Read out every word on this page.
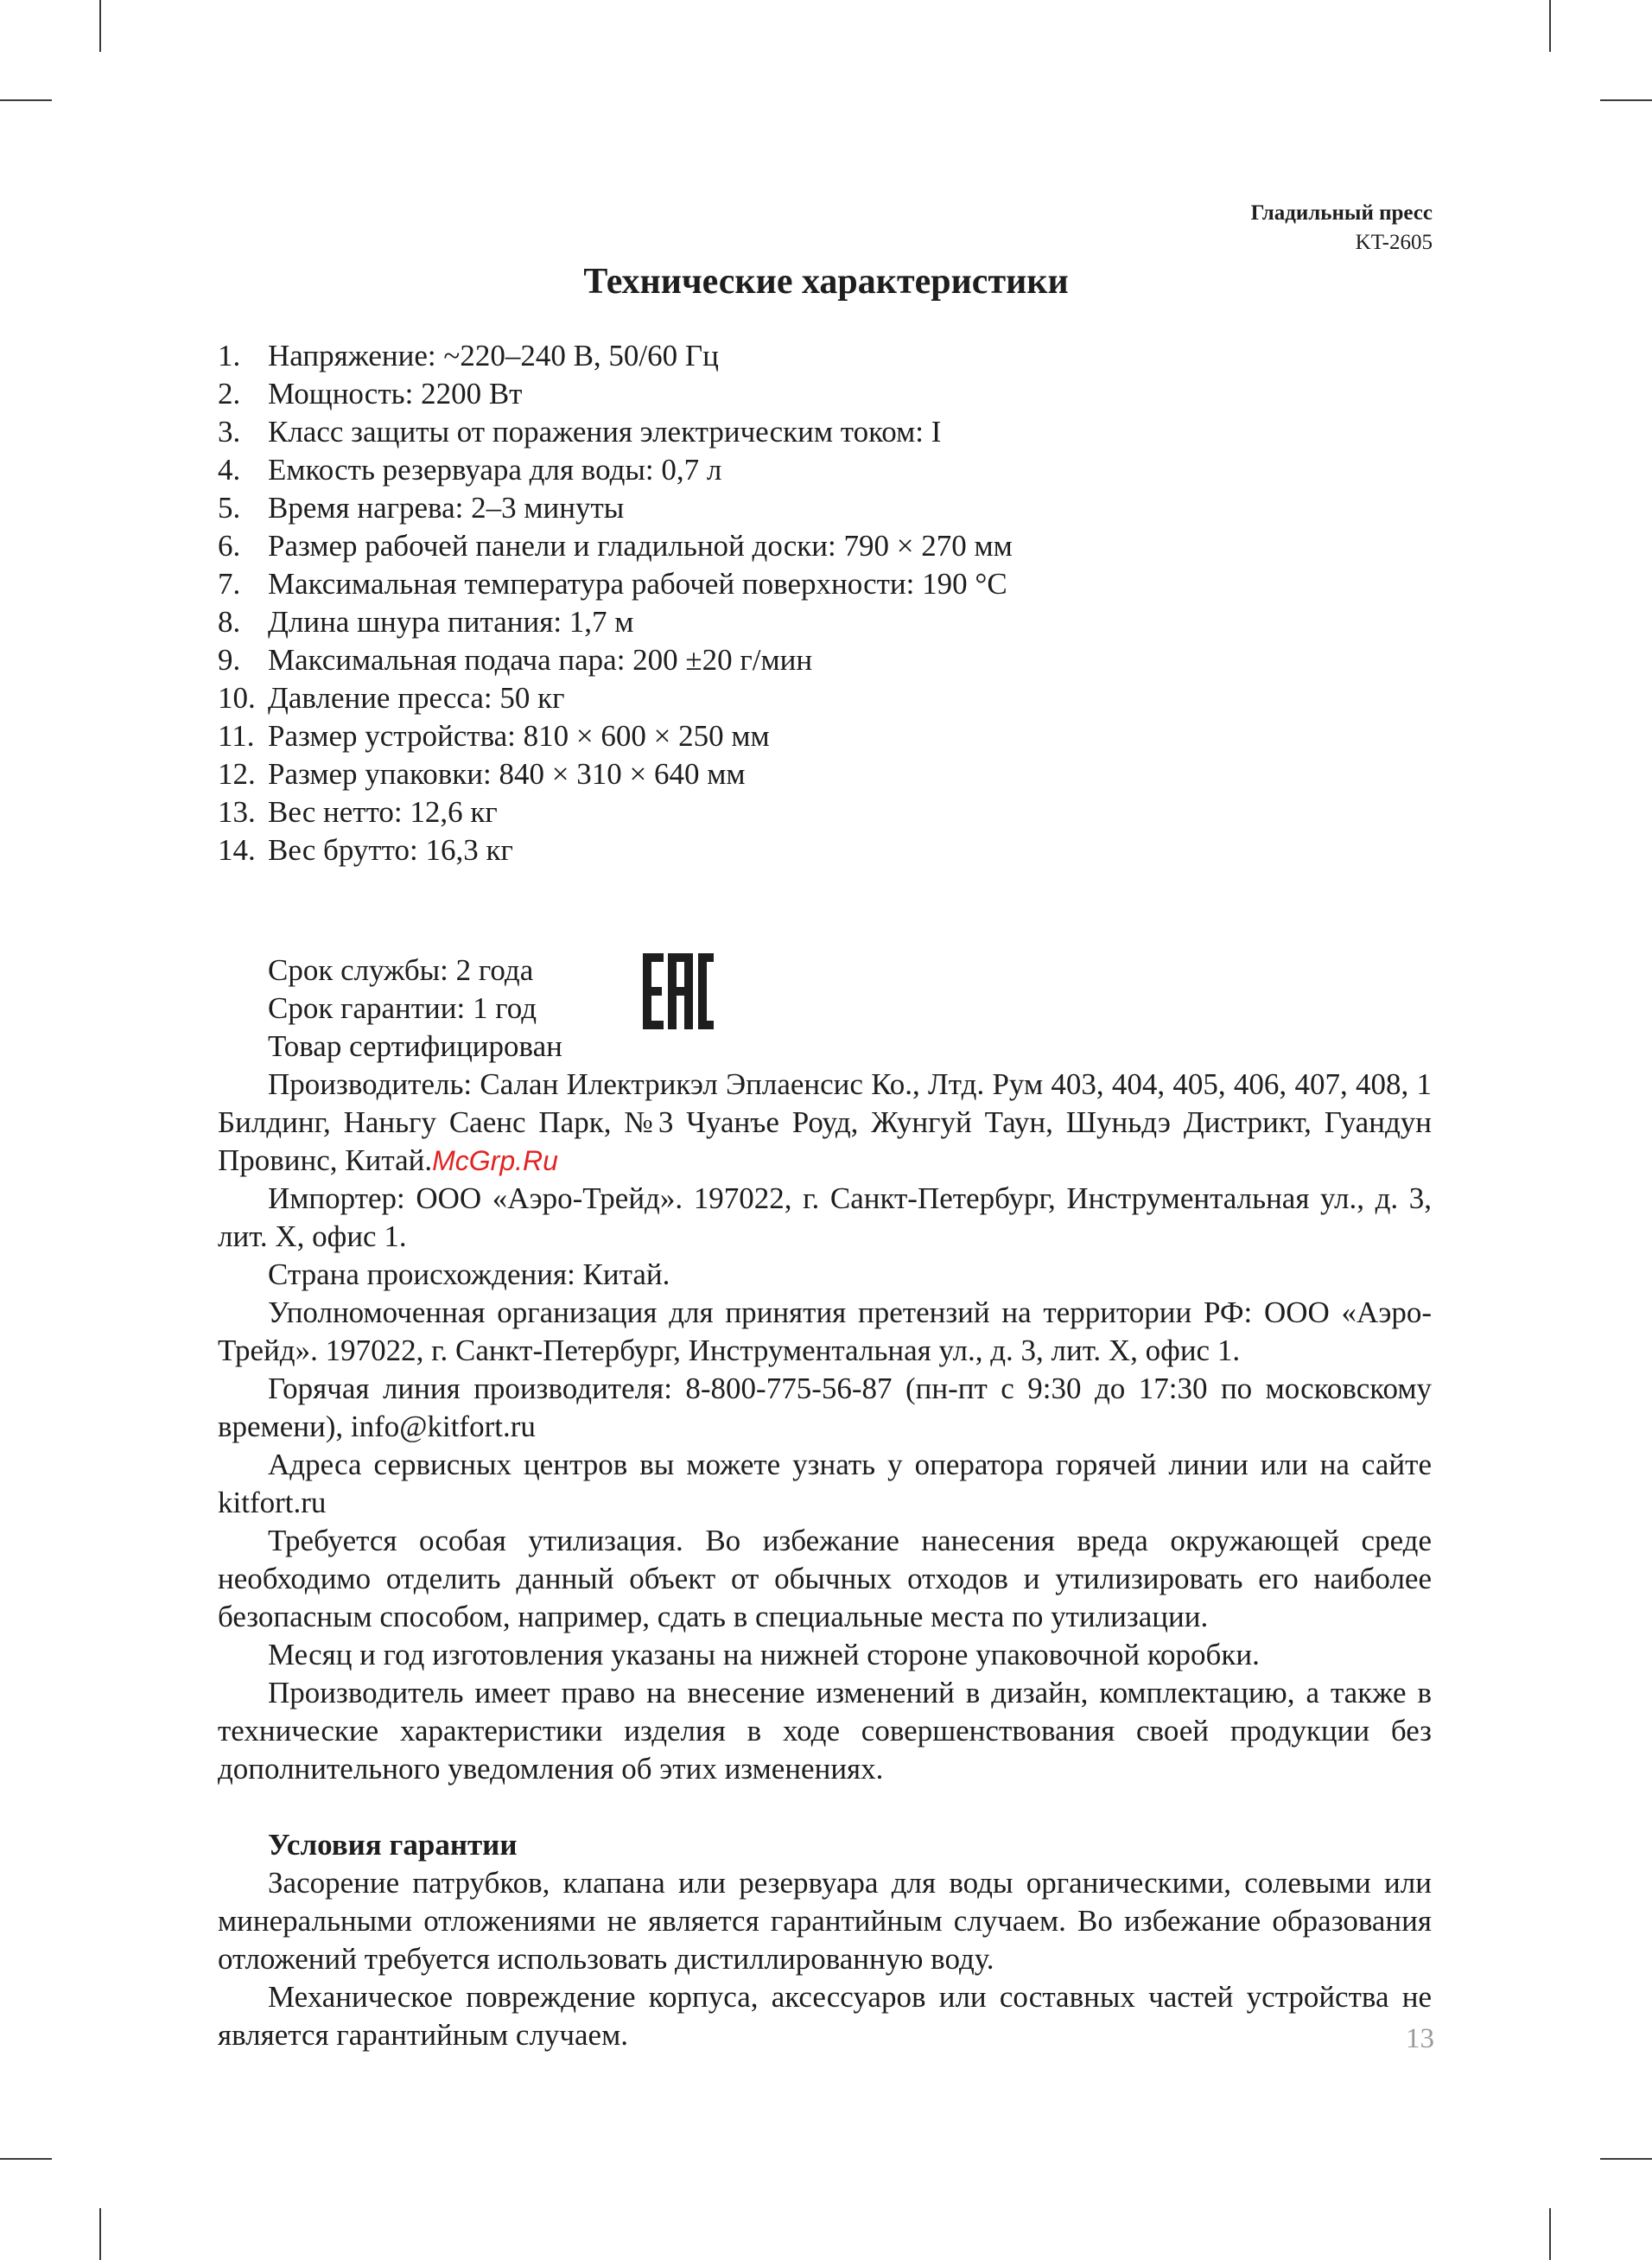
Гладильный пресс
KT-2605
Технические характеристики
1. Напряжение: ~220–240 В, 50/60 Гц
2. Мощность: 2200 Вт
3. Класс защиты от поражения электрическим током: I
4. Емкость резервуара для воды: 0,7 л
5. Время нагрева: 2–3 минуты
6. Размер рабочей панели и гладильной доски: 790 × 270 мм
7. Максимальная температура рабочей поверхности: 190 °C
8. Длина шнура питания: 1,7 м
9. Максимальная подача пара: 200 ±20 г/мин
10. Давление пресса: 50 кг
11. Размер устройства: 810 × 600 × 250 мм
12. Размер упаковки: 840 × 310 × 640 мм
13. Вес нетто: 12,6 кг
14. Вес брутто: 16,3 кг

Срок службы: 2 года

Срок гарантии: 1 год

Товар сертифицирован

Производитель: Салан Илектрикэл Эплаенсис Ко., Лтд. Рум 403, 404, 405, 406, 407, 408, 1 Билдинг, Наньгу Саенс Парк, №3 Чуанъе Роуд, Жунгуй Таун, Шуньдэ Дистрикт, Гуандун Провинс, Китай.McGrp.Ru

Импортер: ООО «Аэро-Трейд». 197022, г. Санкт-Петербург, Инструментальная ул., д. 3, лит. Х, офис 1.

Страна происхождения: Китай.

Уполномоченная организация для принятия претензий на территории РФ: ООО «Аэро-Трейд». 197022, г. Санкт-Петербург, Инструментальная ул., д. 3, лит. Х, офис 1.

Горячая линия производителя: 8-800-775-56-87 (пн-пт с 9:30 до 17:30 по московскому времени), info@kitfort.ru

Адреса сервисных центров вы можете узнать у оператора горячей линии или на сайте kitfort.ru

Требуется особая утилизация. Во избежание нанесения вреда окружающей среде необходимо отделить данный объект от обычных отходов и утилизировать его наиболее безопасным способом, например, сдать в специальные места по утилизации.

Месяц и год изготовления указаны на нижней стороне упаковочной коробки.

Производитель имеет право на внесение изменений в дизайн, комплектацию, а также в технические характеристики изделия в ходе совершенствования своей продукции без дополнительного уведомления об этих изменениях.

Условия гарантии

Засорение патрубков, клапана или резервуара для воды органическими, солевыми или минеральными отложениями не является гарантийным случаем. Во избежание образования отложений требуется использовать дистиллированную воду.

Механическое повреждение корпуса, аксессуаров или составных частей устройства не является гарантийным случаем.	13
